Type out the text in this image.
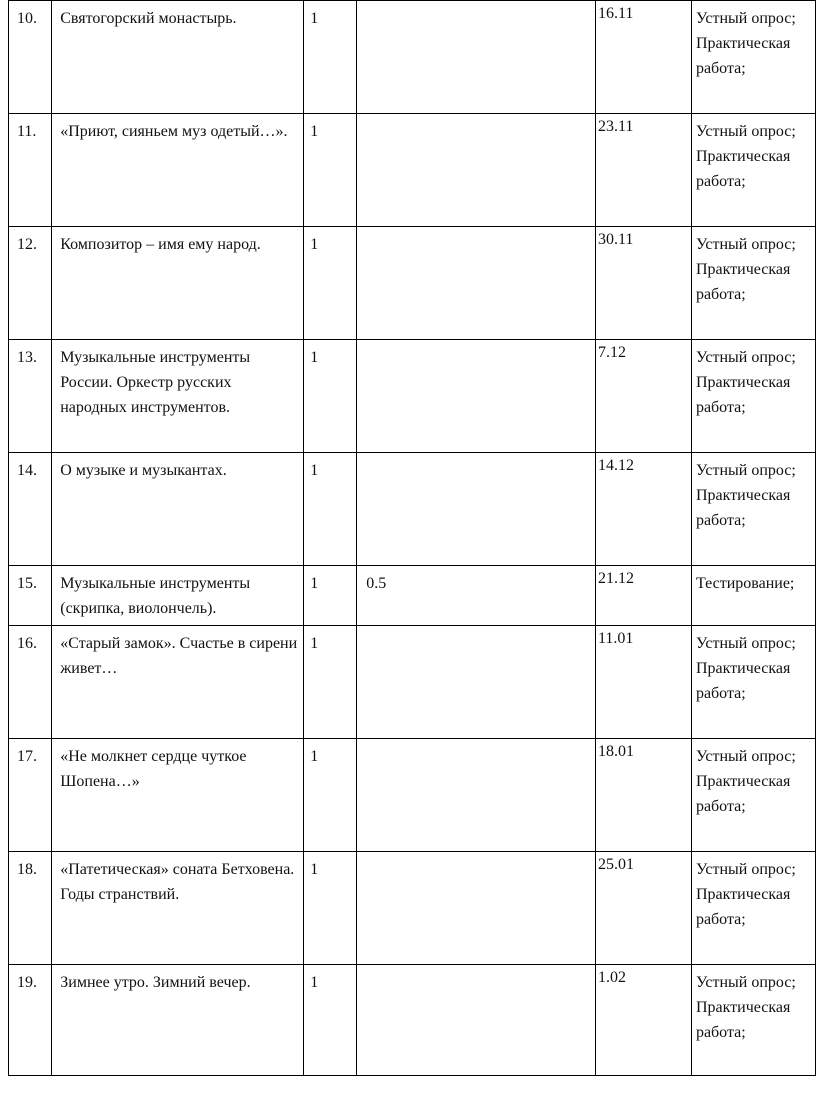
10.	Святогорский монастырь.	1		16.11	Устный опрос; Практическая работа;
11.	«Приют, сияньем муз одетый…».	1		23.11	Устный опрос; Практическая работа;
12.	Композитор – имя ему народ.	1		30.11	Устный опрос; Практическая работа;
13.	Музыкальные инструменты России. Оркестр русских народных инструментов.	1		7.12	Устный опрос; Практическая работа;
14.	О музыке и музыкантах.	1		14.12	Устный опрос; Практическая работа;
15.	Музыкальные инструменты (скрипка, виолончель).	1	0.5	21.12	Тестирование;
16.	«Старый замок». Счастье в сирени живет…	1		11.01	Устный опрос; Практическая работа;
17.	«Не молкнет сердце чуткое Шопена…»	1		18.01	Устный опрос; Практическая работа;
18.	«Патетическая» соната Бетховена. Годы странствий.	1		25.01	Устный опрос; Практическая работа;
19.	Зимнее утро. Зимний вечер.	1		1.02	Устный опрос; Практическая работа;
